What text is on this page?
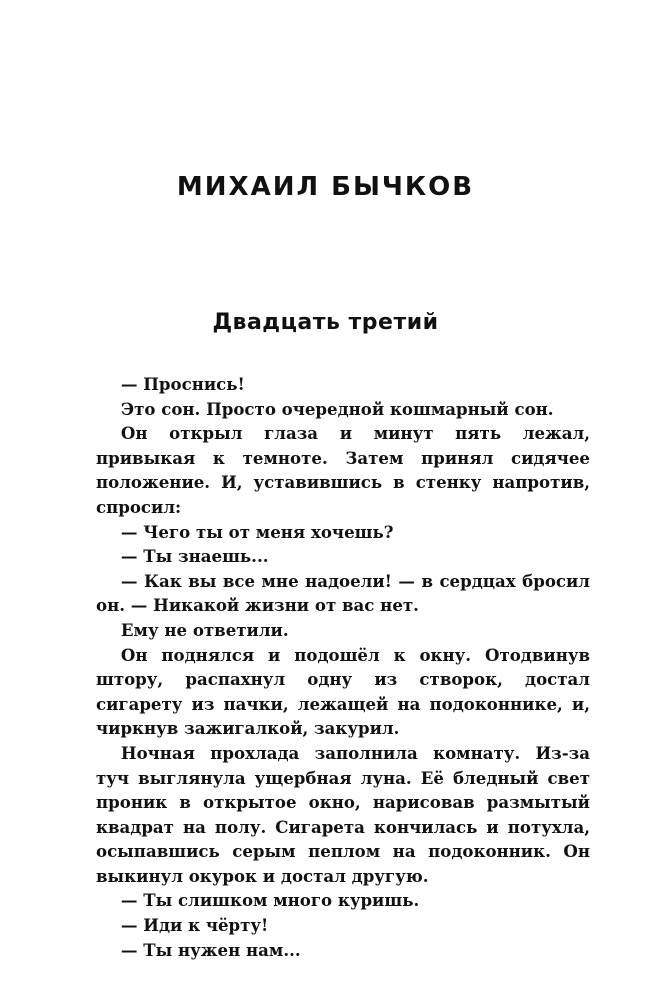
МИХАИЛ БЫЧКОВ
Двадцать третий

— Проснись!

Это сон. Просто очередной кошмарный сон.

Он открыл глаза и минут пять лежал, привыкая к темноте. Затем принял сидячее положение. И, уставившись в стенку напротив, спросил:

— Чего ты от меня хочешь?

— Ты знаешь...

— Как вы все мне надоели! — в сердцах бросил он. — Никакой жизни от вас нет.

Ему не ответили.

Он поднялся и подошёл к окну. Отодвинув штору, распахнул одну из створок, достал сигарету из пачки, лежащей на подоконнике, и, чиркнув зажигалкой, закурил.

Ночная прохлада заполнила комнату. Из-за туч выглянула ущербная луна. Её бледный свет проник в открытое окно, нарисовав размытый квадрат на полу. Сигарета кончилась и потухла, осыпавшись серым пеплом на подоконник. Он выкинул окурок и достал другую.

— Ты слишком много куришь.

— Иди к чёрту!

— Ты нужен нам...
